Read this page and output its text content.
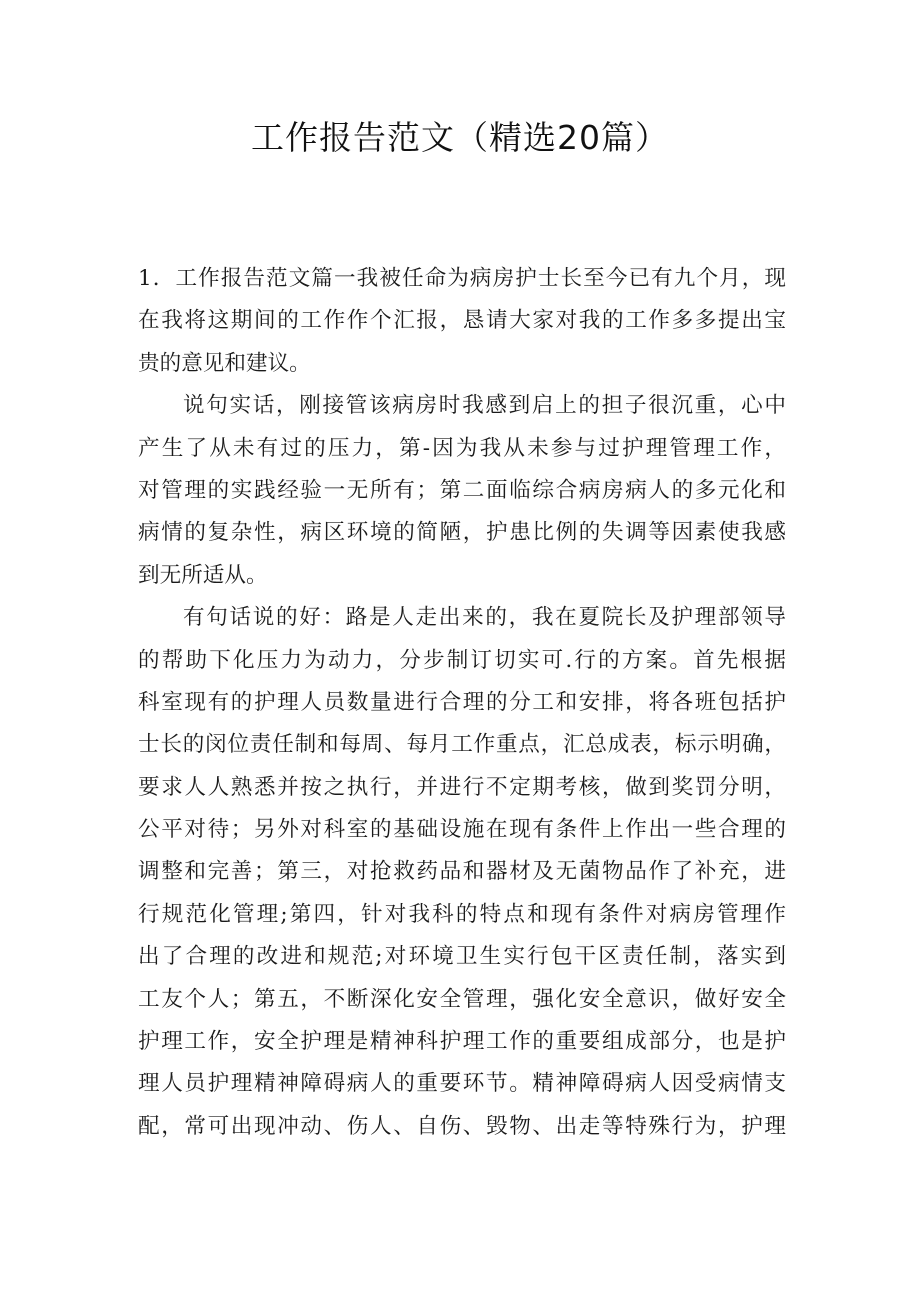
工作报告范文（精选20篇）
1．工作报告范文篇一我被任命为病房护士长至今已有九个月，现
在我将这期间的工作作个汇报，恳请大家对我的工作多多提出宝
贵的意见和建议。
说句实话，刚接管该病房时我感到启上的担子很沉重，心中
产生了从未有过的压力，第-因为我从未参与过护理管理工作，
对管理的实践经验一无所有；第二面临综合病房病人的多元化和
病情的复杂性，病区环境的简陋，护患比例的失调等因素使我感
到无所适从。
有句话说的好：路是人走出来的，我在夏院长及护理部领导
的帮助下化压力为动力，分步制订切实可.行的方案。首先根据
科室现有的护理人员数量进行合理的分工和安排，将各班包括护
士长的闵位责任制和每周、每月工作重点，汇总成表，标示明确，
要求人人熟悉并按之执行，并进行不定期考核，做到奖罚分明，
公平对待；另外对科室的基础设施在现有条件上作出一些合理的
调整和完善；第三，对抢救药品和器材及无菌物品作了补充，进
行规范化管理;第四，针对我科的特点和现有条件对病房管理作
出了合理的改进和规范;对环境卫生实行包干区责任制，落实到
工友个人；第五，不断深化安全管理，强化安全意识，做好安全
护理工作，安全护理是精神科护理工作的重要组成部分，也是护
理人员护理精神障碍病人的重要环节。精神障碍病人因受病情支
配，常可出现冲动、伤人、自伤、毁物、出走等特殊行为，护理
